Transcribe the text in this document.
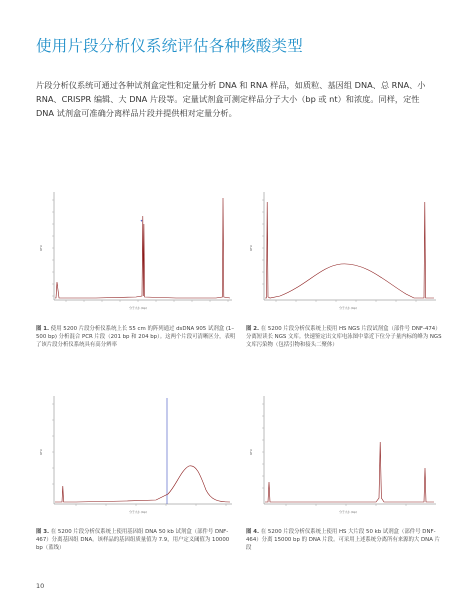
使用片段分析仪系统评估各种核酸类型
片段分析仪系统可通过各种试剂盒定性和定量分析 DNA 和 RNA 样品，如质粒、基因组 DNA、总 RNA、小 RNA、CRISPR 编辑、大 DNA 片段等。定量试剂盒可测定样品分子大小（bp 或 nt）和浓度。同样，定性 DNA 试剂盒可准确分离样品片段并提供相对定量分析。
✦
分子大小 (bp)
RFU
图 1. 使用 5200 片段分析仪系统上长 55 cm 的阵列通过 dsDNA 905 试剂盒 (1–500 bp) 分析混合 PCR 片段（201 bp 和 204 bp）。这两个片段可清晰区分，表明了该片段分析仪系统具有高分辨率
分子大小 (bp)
RFU
图 2. 在 5200 片段分析仪系统上使用 HS NGS 片段试剂盒（部件号 DNF-474）分离短读长 NGS 文库。快速鉴定出文库电泳图中靠近下位分子量内标的峰为 NGS 文库污染物（包括引物和接头二聚体）
分子大小 (bp)
RFU
图 3. 在 5200 片段分析仪系统上使用基因组 DNA 50 kb 试剂盒（部件号 DNF-467）分离基因组 DNA。该样品的基因组质量值为 7.9，用户定义阈值为 10000 bp（蓝线）
分子大小 (bp)
RFU
图 4. 在 5200 片段分析仪系统上使用 HS 大片段 50 kb 试剂盒（部件号 DNF-464）分离 15000 bp 的 DNA 片段。可采用上述系统分离所有来源的大 DNA 片段
10
